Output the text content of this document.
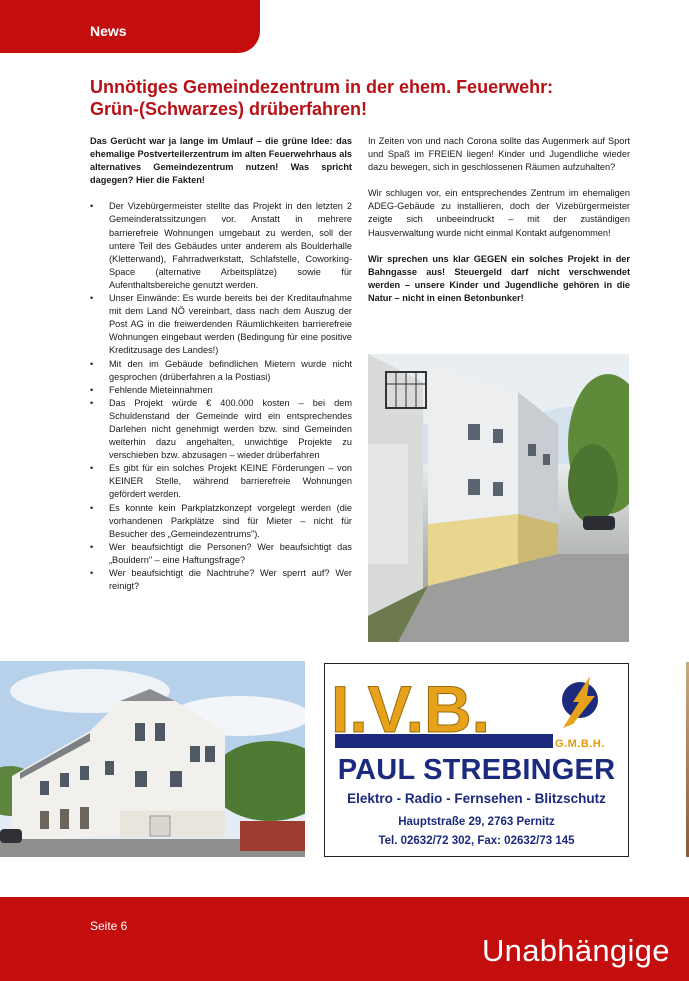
News
Unnötiges Gemeindezentrum in der ehem. Feuerwehr:
Grün-(Schwarzes) drüberfahren!

Das Gerücht war ja lange im Umlauf – die grüne Idee: das ehemalige Postverteilerzentrum im alten Feuerwehrhaus als alternatives Gemeindezentrum nutzen! Was spricht dagegen? Hier die Fakten!

• Der Vizebürgermeister stellte das Projekt in den letzten 2 Gemeinderatssitzungen vor. Anstatt in mehrere barrierefreie Wohnungen umgebaut zu werden, soll der untere Teil des Gebäudes unter anderem als Boulderhalle (Kletterwand), Fahrradwerkstatt, Schlafstelle, Coworking-Space (alternative Arbeitsplätze) sowie für Aufenthaltsbereiche genutzt werden.
• Unser Einwände: Es wurde bereits bei der Kreditaufnahme mit dem Land NÖ vereinbart, dass nach dem Auszug der Post AG in die freiwerdenden Räumlichkeiten barrierefreie Wohnungen eingebaut werden (Bedingung für eine positive Kreditzusage des Landes!)
• Mit den im Gebäude befindlichen Mietern wurde nicht gesprochen (drüberfahren a la Postiasi)
• Fehlende Mieteinnahmen
• Das Projekt würde € 400.000 kosten – bei dem Schuldenstand der Gemeinde wird ein entsprechendes Darlehen nicht genehmigt werden bzw. sind Gemeinden weiterhin dazu angehalten, unwichtige Projekte zu verschieben bzw. abzusagen – wieder drüberfahren
• Es gibt für ein solches Projekt KEINE Förderungen – von KEINER Stelle, während barrierefreie Wohnungen gefördert werden.
• Es konnte kein Parkplatzkonzept vorgelegt werden (die vorhandenen Parkplätze sind für Mieter – nicht für Besucher des „Gemeindezentrums").
• Wer beaufsichtigt die Personen? Wer beaufsichtigt das „Bouldern" – eine Haftungsfrage?
• Wer beaufsichtigt die Nachtruhe? Wer sperrt auf? Wer reinigt?

In Zeiten von und nach Corona sollte das Augenmerk auf Sport und Spaß im FREIEN liegen! Kinder und Jugendliche wieder dazu bewegen, sich in geschlossenen Räumen aufzuhalten?

Wir schlugen vor, ein entsprechendes Zentrum im ehemaligen ADEG-Gebäude zu installieren, doch der Vizebürgermeister zeigte sich unbeeindruckt – mit der zuständigen Hausverwaltung wurde nicht einmal Kontakt aufgenommen!

Wir sprechen uns klar GEGEN ein solches Projekt in der Bahngasse aus! Steuergeld darf nicht verschwendet werden – unsere Kinder und Jugendliche gehören in die Natur – nicht in einen Betonbunker!

I.V.B.	G.M.B.H.
PAUL STREBINGER
Elektro - Radio - Fernsehen - Blitzschutz
Hauptstraße 29, 2763 Pernitz
Tel. 02632/72 302, Fax: 02632/73 145
Seite 6
Unabhängige
